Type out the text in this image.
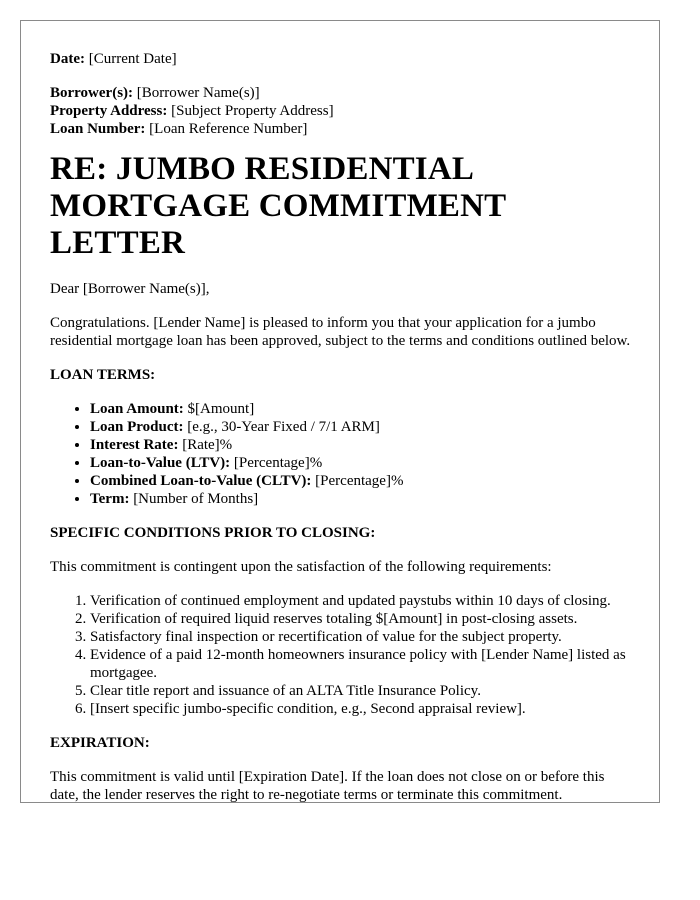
Date: [Current Date]

Borrower(s): [Borrower Name(s)]

Property Address: [Subject Property Address]

Loan Number: [Loan Reference Number]

RE: JUMBO RESIDENTIAL
MORTGAGE COMMITMENT LETTER

Dear [Borrower Name(s)],

Congratulations. [Lender Name] is pleased to inform you that your application for a jumbo residential mortgage loan has been approved, subject to the terms and conditions outlined below.

LOAN TERMS:

• Loan Amount: $[Amount]
• Loan Product: [e.g., 30-Year Fixed / 7/1 ARM]
• Interest Rate: [Rate]%
• Loan-to-Value (LTV): [Percentage]%
• Combined Loan-to-Value (CLTV): [Percentage]%
• Term: [Number of Months]

SPECIFIC CONDITIONS PRIOR TO CLOSING:

This commitment is contingent upon the satisfaction of the following requirements:

1. Verification of continued employment and updated paystubs within 10 days of closing.
2. Verification of required liquid reserves totaling $[Amount] in post-closing assets.
3. Satisfactory final inspection or recertification of value for the subject property.
4. Evidence of a paid 12-month homeowners insurance policy with [Lender Name] listed as mortgagee.
5. Clear title report and issuance of an ALTA Title Insurance Policy.
6. [Insert specific jumbo-specific condition, e.g., Second appraisal review].

EXPIRATION:

This commitment is valid until [Expiration Date]. If the loan does not close on or before this date, the lender reserves the right to re-negotiate terms or terminate this commitment.
